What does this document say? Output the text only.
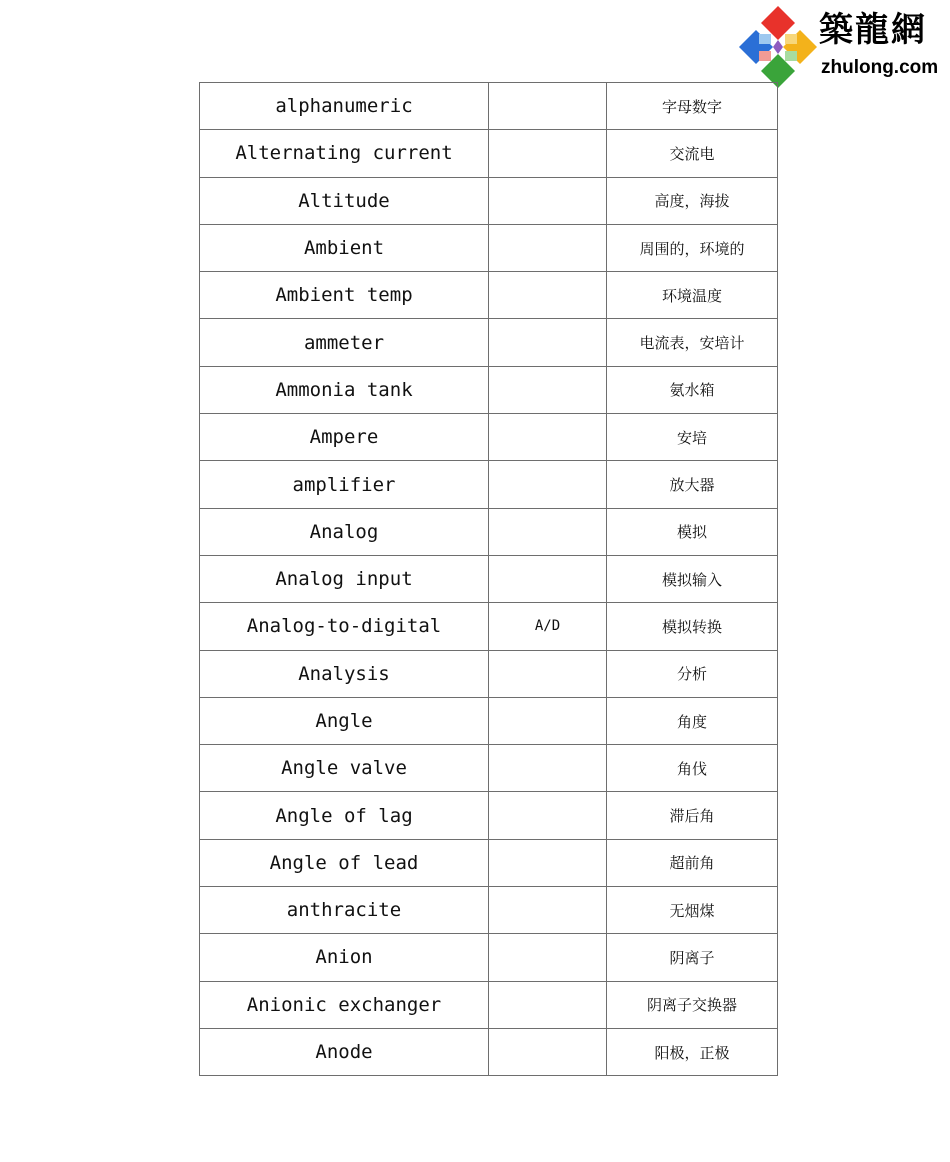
築龍網
zhulong.com
alphanumeric		字母数字
Alternating current		交流电
Altitude		高度，海拔
Ambient		周围的，环境的
Ambient temp		环境温度
ammeter		电流表，安培计
Ammonia tank		氨水箱
Ampere		安培
amplifier		放大器
Analog		模拟
Analog input		模拟输入
Analog-to-digital	A/D	模拟转换
Analysis		分析
Angle		角度
Angle valve		角伐
Angle of lag		滞后角
Angle of lead		超前角
anthracite		无烟煤
Anion		阴离子
Anionic exchanger		阴离子交换器
Anode		阳极，正极
